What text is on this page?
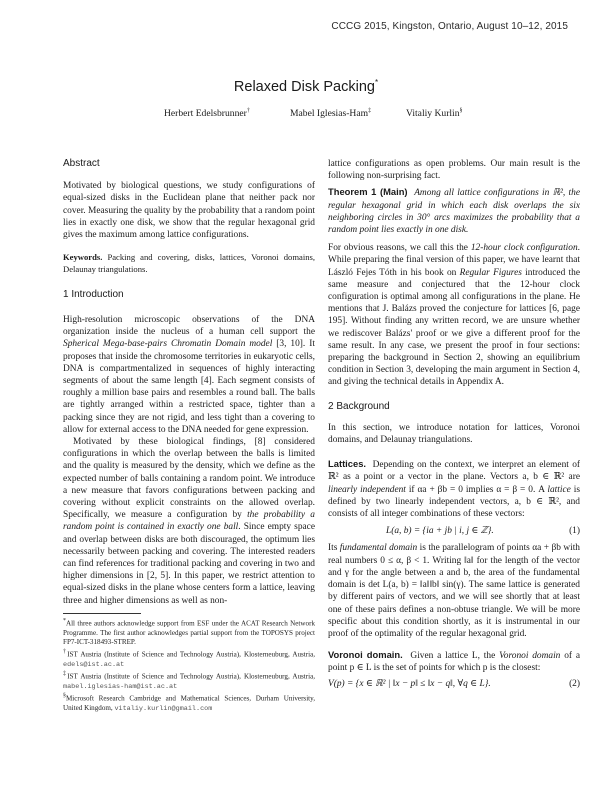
CCCG 2015, Kingston, Ontario, August 10–12, 2015
Relaxed Disk Packing*
Herbert Edelsbrunner†	Mabel Iglesias-Ham‡	Vitaliy Kurlin§

Abstract

Motivated by biological questions, we study configurations of equal-sized disks in the Euclidean plane that neither pack nor cover. Measuring the quality by the probability that a random point lies in exactly one disk, we show that the regular hexagonal grid gives the maximum among lattice configurations.

Keywords. Packing and covering, disks, lattices, Voronoi domains, Delaunay triangulations.

1 Introduction

High-resolution microscopic observations of the DNA organization inside the nucleus of a human cell support the Spherical Mega-base-pairs Chromatin Domain model [3, 10]. It proposes that inside the chromosome territories in eukaryotic cells, DNA is compartmentalized in sequences of highly interacting segments of about the same length [4]. Each segment consists of roughly a million base pairs and resembles a round ball. The balls are tightly arranged within a restricted space, tighter than a packing since they are not rigid, and less tight than a covering to allow for external access to the DNA needed for gene expression.

Motivated by these biological findings, [8] considered configurations in which the overlap between the balls is limited and the quality is measured by the density, which we define as the expected number of balls containing a random point. We introduce a new measure that favors configurations between packing and covering without explicit constraints on the allowed overlap. Specifically, we measure a configuration by the probability a random point is contained in exactly one ball. Since empty space and overlap between disks are both discouraged, the optimum lies necessarily between packing and covering. The interested readers can find references for traditional packing and covering in two and higher dimensions in [2, 5]. In this paper, we restrict attention to equal-sized disks in the plane whose centers form a lattice, leaving three and higher dimensions as well as non-

*All three authors acknowledge support from ESF under the ACAT Research Network Programme. The first author acknowledges partial support from the TOPOSYS project FP7-ICT-318493-STREP.

†IST Austria (Institute of Science and Technology Austria), Klosterneuburg, Austria, edels@ist.ac.at

‡IST Austria (Institute of Science and Technology Austria), Klosterneuburg, Austria, mabel.iglesias-ham@ist.ac.at

§Microsoft Research Cambridge and Mathematical Sciences, Durham University, United Kingdom, vitaliy.kurlin@gmail.com

lattice configurations as open problems. Our main result is the following non-surprising fact.

Theorem 1 (Main) Among all lattice configurations in ℝ², the regular hexagonal grid in which each disk overlaps the six neighboring circles in 30° arcs maximizes the probability that a random point lies exactly in one disk.

For obvious reasons, we call this the 12-hour clock configuration. While preparing the final version of this paper, we have learnt that László Fejes Tóth in his book on Regular Figures introduced the same measure and conjectured that the 12-hour clock configuration is optimal among all configurations in the plane. He mentions that J. Balázs proved the conjecture for lattices [6, page 195]. Without finding any written record, we are unsure whether we rediscover Balázs' proof or we give a different proof for the same result. In any case, we present the proof in four sections: preparing the background in Section 2, showing an equilibrium condition in Section 3, developing the main argument in Section 4, and giving the technical details in Appendix A.

2 Background

In this section, we introduce notation for lattices, Voronoi domains, and Delaunay triangulations.

Lattices. Depending on the context, we interpret an element of ℝ² as a point or a vector in the plane. Vectors a, b ∈ ℝ² are linearly independent if αa + βb = 0 implies α = β = 0. A lattice is defined by two linearly independent vectors, a, b ∈ ℝ², and consists of all integer combinations of these vectors:

L(a, b) = {ia + jb | i, j ∈ ℤ}.	(1)

Its fundamental domain is the parallelogram of points αa + βb with real numbers 0 ≤ α, β < 1. Writing ‖a‖ for the length of the vector and γ for the angle between a and b, the area of the fundamental domain is det L(a, b) = ‖a‖‖b‖ sin(γ). The same lattice is generated by different pairs of vectors, and we will see shortly that at least one of these pairs defines a non-obtuse triangle. We will be more specific about this condition shortly, as it is instrumental in our proof of the optimality of the regular hexagonal grid.

Voronoi domain. Given a lattice L, the Voronoi domain of a point p ∈ L is the set of points for which p is the closest:

V(p) = {x ∈ ℝ² | ‖x − p‖ ≤ ‖x − q‖, ∀q ∈ L}.	(2)
